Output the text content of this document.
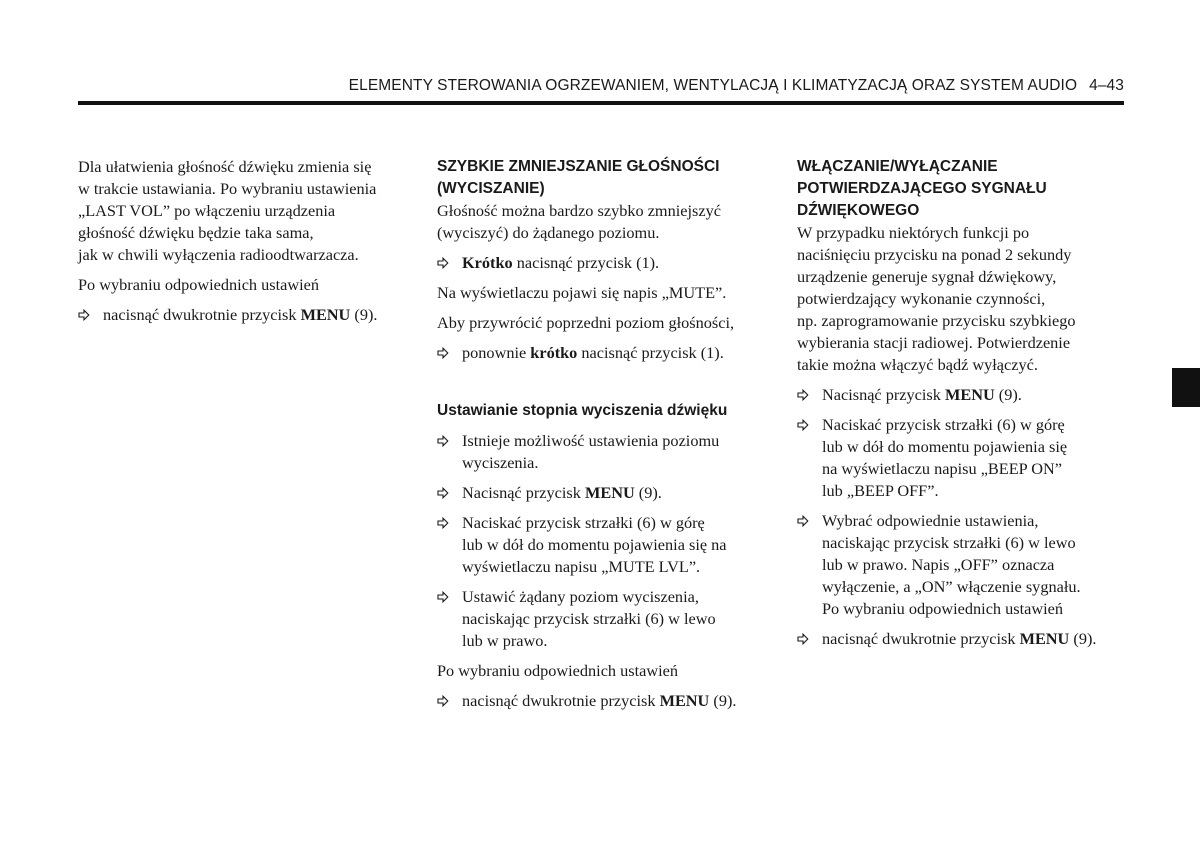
ELEMENTY STEROWANIA OGRZEWANIEM, WENTYLACJĄ I KLIMATYZACJĄ ORAZ SYSTEM AUDIO 4–43
Dla ułatwienia głośność dźwięku zmienia się
w trakcie ustawiania. Po wybraniu ustawienia
„LAST VOL” po włączeniu urządzenia
głośność dźwięku będzie taka sama,
jak w chwili wyłączenia radioodtwarzacza.
Po wybraniu odpowiednich ustawień
nacisnąć dwukrotnie przycisk MENU (9).
SZYBKIE ZMNIEJSZANIE GŁOŚNOŚCI
(WYCISZANIE)
Głośność można bardzo szybko zmniejszyć
(wyciszyć) do żądanego poziomu.
Krótko nacisnąć przycisk (1).
Na wyświetlaczu pojawi się napis „MUTE”.
Aby przywrócić poprzedni poziom głośności,
ponownie krótko nacisnąć przycisk (1).
Ustawianie stopnia wyciszenia dźwięku
Istnieje możliwość ustawienia poziomu
wyciszenia.
Nacisnąć przycisk MENU (9).
Naciskać przycisk strzałki (6) w górę
lub w dół do momentu pojawienia się na
wyświetlaczu napisu „MUTE LVL”.
Ustawić żądany poziom wyciszenia,
naciskając przycisk strzałki (6) w lewo
lub w prawo.
Po wybraniu odpowiednich ustawień
nacisnąć dwukrotnie przycisk MENU (9).
WŁĄCZANIE/WYŁĄCZANIE
POTWIERDZAJĄCEGO SYGNAŁU
DŹWIĘKOWEGO
W przypadku niektórych funkcji po
naciśnięciu przycisku na ponad 2 sekundy
urządzenie generuje sygnał dźwiękowy,
potwierdzający wykonanie czynności,
np. zaprogramowanie przycisku szybkiego
wybierania stacji radiowej. Potwierdzenie
takie można włączyć bądź wyłączyć.
Nacisnąć przycisk MENU (9).
Naciskać przycisk strzałki (6) w górę
lub w dół do momentu pojawienia się
na wyświetlaczu napisu „BEEP ON”
lub „BEEP OFF”.
Wybrać odpowiednie ustawienia,
naciskając przycisk strzałki (6) w lewo
lub w prawo. Napis „OFF” oznacza
wyłączenie, a „ON” włączenie sygnału.
Po wybraniu odpowiednich ustawień
nacisnąć dwukrotnie przycisk MENU (9).
